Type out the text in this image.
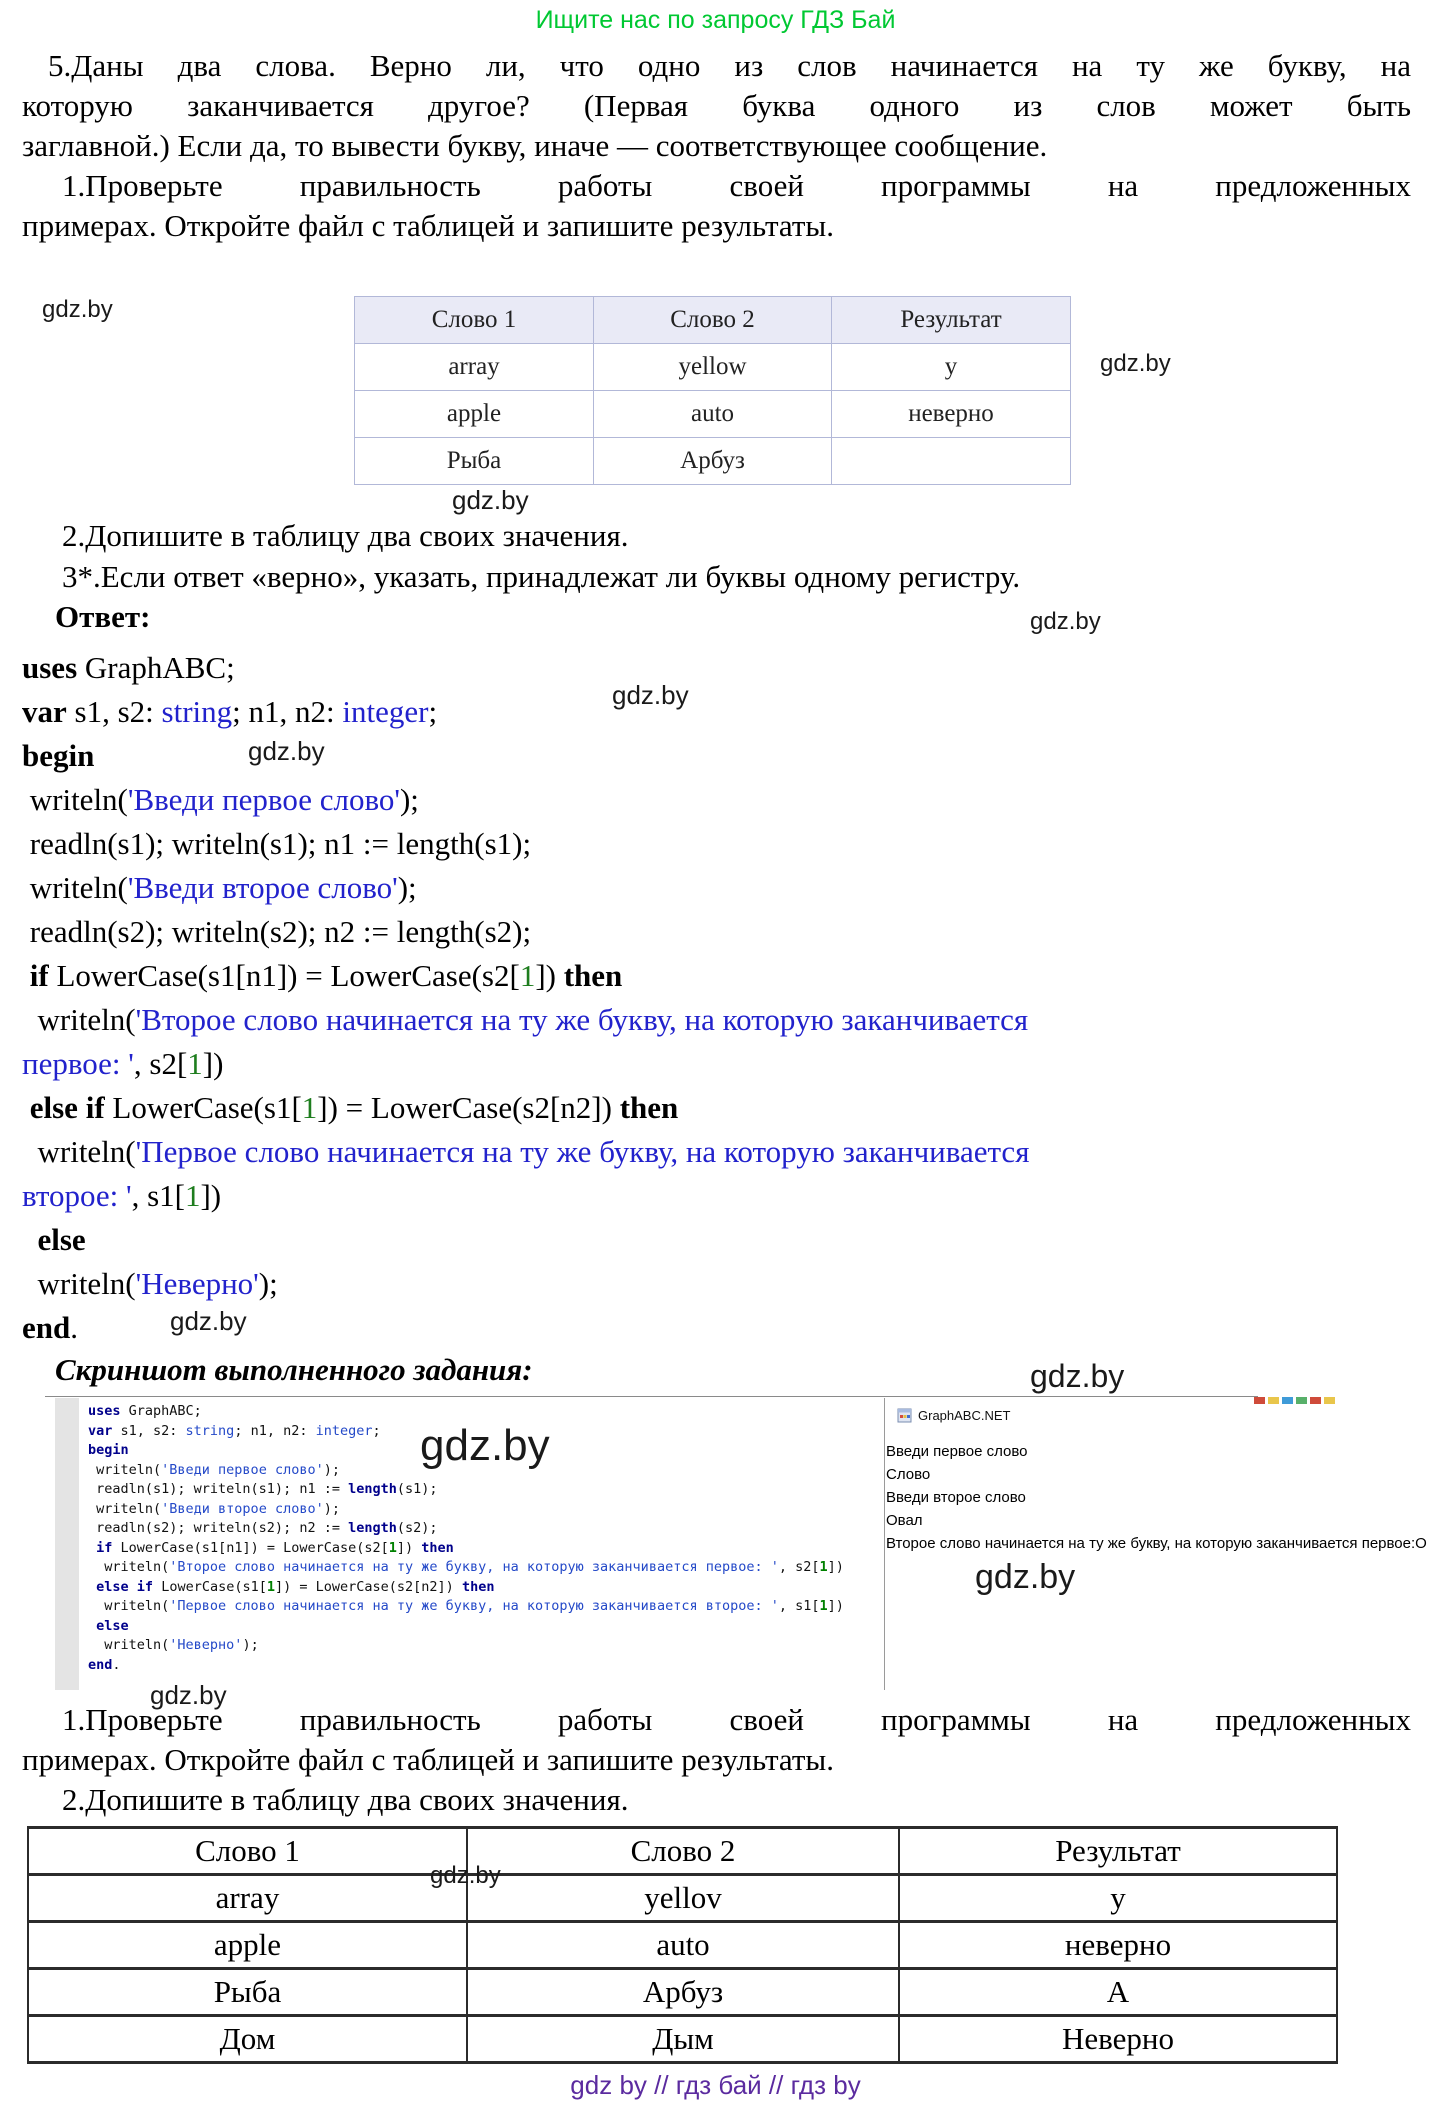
Ищите нас по запросу ГДЗ Бай
5.Даны два слова. Верно ли, что одно из слов начинается на ту же букву, на
которую заканчивается другое? (Первая буква одного из слов может быть
заглавной.) Если да, то вывести букву, иначе — соответствующее сообщение.
1.Проверьте правильность работы своей программы на предложенных
примерах. Откройте файл с таблицей и запишите результаты.
Слово 1	Слово 2	Результат
array	yellow	y
apple	auto	неверно
Рыба	Арбуз	
2.Допишите в таблицу два своих значения.
3*.Если ответ «верно», указать, принадлежат ли буквы одному регистру.
Ответ:
uses GraphABC;
var s1, s2: string; n1, n2: integer;
begin
writeln('Введи первое слово');
readln(s1); writeln(s1); n1 := length(s1);
writeln('Введи второе слово');
readln(s2); writeln(s2); n2 := length(s2);
if LowerCase(s1[n1]) = LowerCase(s2[1]) then
writeln('Второе слово начинается на ту же букву, на которую заканчивается
первое: ', s2[1])
else if LowerCase(s1[1]) = LowerCase(s2[n2]) then
writeln('Первое слово начинается на ту же букву, на которую заканчивается
второе: ', s1[1])
else
writeln('Неверно');
end.
Скриншот выполненного задания:
uses GraphABC;
var s1, s2: string; n1, n2: integer;
begin
writeln('Введи первое слово');
readln(s1); writeln(s1); n1 := length(s1);
writeln('Введи второе слово');
readln(s2); writeln(s2); n2 := length(s2);
if LowerCase(s1[n1]) = LowerCase(s2[1]) then
writeln('Второе слово начинается на ту же букву, на которую заканчивается первое: ', s2[1])
else if LowerCase(s1[1]) = LowerCase(s2[n2]) then
writeln('Первое слово начинается на ту же букву, на которую заканчивается второе: ', s1[1])
else
writeln('Неверно');
end.
GraphABC.NET
Введи первое слово
Слово
Введи второе слово
Овал
Второе слово начинается на ту же букву, на которую заканчивается первое:О
1.Проверьте правильность работы своей программы на предложенных
примерах. Откройте файл с таблицей и запишите результаты.
2.Допишите в таблицу два своих значения.
Слово 1	Слово 2	Результат
array	yellov	y
apple	auto	неверно
Рыба	Арбуз	А
Дом	Дым	Неверно
gdz by // гдз бай // гдз by
gdz.by
gdz.by
gdz.by
gdz.by
gdz.by
gdz.by
gdz.by
gdz.by
gdz.by
gdz.by
gdz.by
gdz.by
